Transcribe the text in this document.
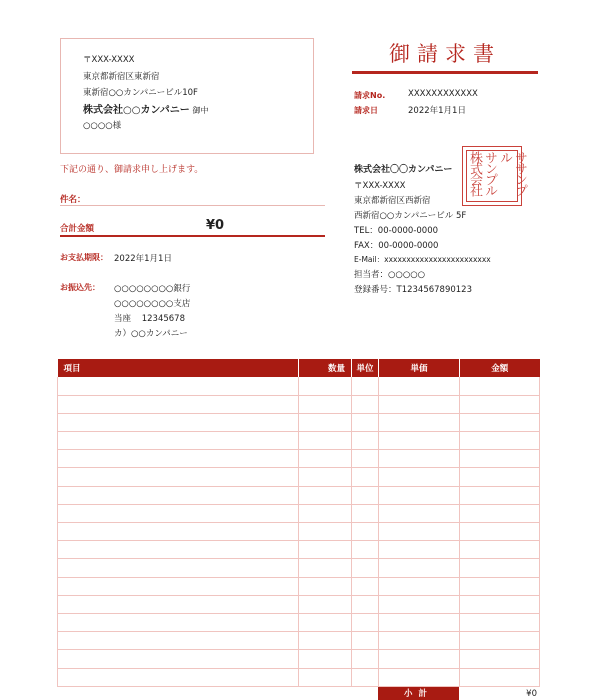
〒XXX-XXXX
東京都新宿区東新宿
東新宿○○カンパニービル10F
株式会社○○カンパニー 御中
○○○○様
御請求書
請求No.	XXXXXXXXXXXX
請求日	2022年1月1日
下記の通り、御請求申し上げます。
件名：
合計金額	¥0
お支払期限： 2022年1月1日
お振込先： ○○○○○○○○銀行
○○○○○○○○支店
当座 12345678
カ）○○カンパニー
株式会社〇〇カンパニー
〒XXX-XXXX
東京都新宿区西新宿
西新宿○○カンパニービル 5F
TEL：00-0000-0000
FAX：00-0000-0000
E-Mail：xxxxxxxxxxxxxxxxxxxxxxxx
担当者：○○○○○
登録番号：T1234567890123
ササンプル
サンプル
株式会社
項目	数量	単位	単価	金額

小計	¥0
